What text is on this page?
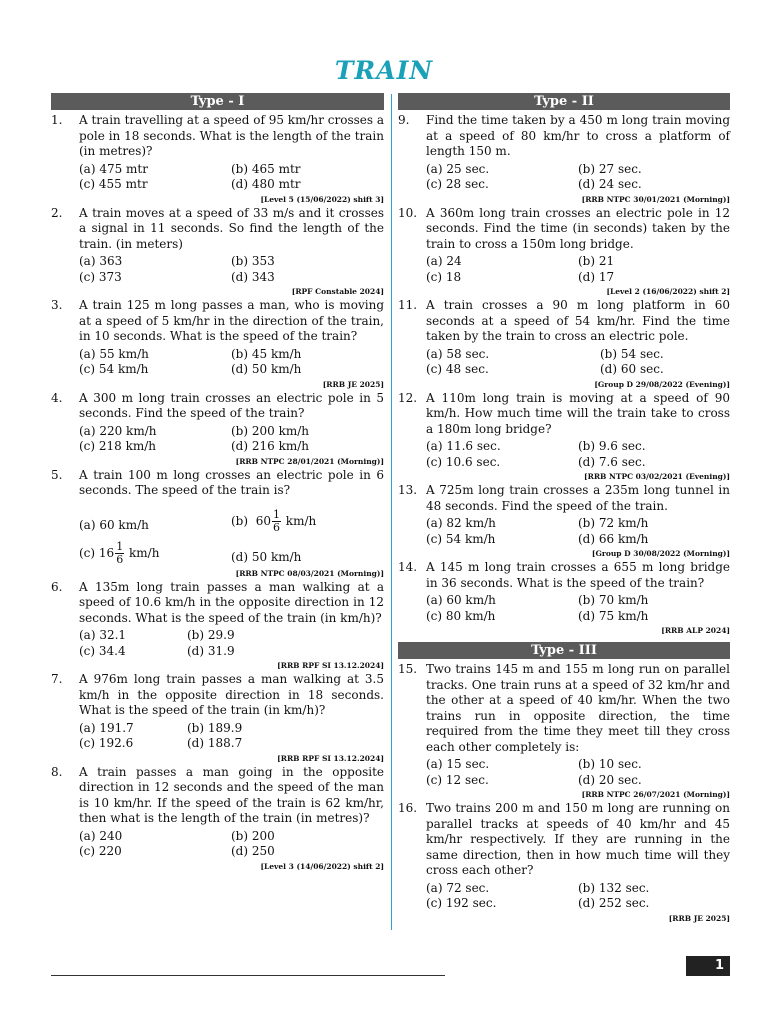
TRAIN
Type - I
1.	A train travelling at a speed of 95 km/hr crosses a pole in 18 seconds. What is the length of the train (in metres)?
(a) 475 mtr	(b) 465 mtr
(c) 455 mtr	(d) 480 mtr
[Level 5 (15/06/2022) shift 3]
2.	A train moves at a speed of 33 m/s and it crosses a signal in 11 seconds. So find the length of the train. (in meters)
(a) 363	(b) 353
(c) 373	(d) 343
[RPF Constable 2024]
3.	A train 125 m long passes a man, who is moving at a speed of 5 km/hr in the direction of the train, in 10 seconds. What is the speed of the train?
(a) 55 km/h	(b) 45 km/h
(c) 54 km/h	(d) 50 km/h
[RRB JE 2025]
4.	A 300 m long train crosses an electric pole in 5 seconds. Find the speed of the train?
(a) 220 km/h	(b) 200 km/h
(c) 218 km/h	(d) 216 km/h
[RRB NTPC 28/01/2021 (Morning)]
5.	A train 100 m long crosses an electric pole in 6 seconds. The speed of the train is?
(a) 60 km/h	(b) $60 \frac{1}{6} km/h$
(c) $16 \frac{1}{6} km/h$	(d) 50 km/h
[RRB NTPC 08/03/2021 (Morning)]
6.	A 135m long train passes a man walking at a speed of 10.6 km/h in the opposite direction in 12 seconds. What is the speed of the train (in km/h)?
(a) 32.1	(b) 29.9
(c) 34.4	(d) 31.9
[RRB RPF SI 13.12.2024]
7.	A 976m long train passes a man walking at 3.5 km/h in the opposite direction in 18 seconds. What is the speed of the train (in km/h)?
(a) 191.7	(b) 189.9
(c) 192.6	(d) 188.7
[RRB RPF SI 13.12.2024]
8.	A train passes a man going in the opposite direction in 12 seconds and the speed of the man is 10 km/hr. If the speed of the train is 62 km/hr, then what is the length of the train (in metres)?
(a) 240	(b) 200
(c) 220	(d) 250
[Level 3 (14/06/2022) shift 2]
Type - II
9.	Find the time taken by a 450 m long train moving at a speed of 80 km/hr to cross a platform of length 150 m.
(a) 25 sec.	(b) 27 sec.
(c) 28 sec.	(d) 24 sec.
[RRB NTPC 30/01/2021 (Morning)]
10. A 360m long train crosses an electric pole in 12 seconds. Find the time (in seconds) taken by the train to cross a 150m long bridge.
(a) 24	(b) 21
(c) 18	(d) 17
[Level 2 (16/06/2022) shift 2]
11. A train crosses a 90 m long platform in 60 seconds at a speed of 54 km/hr. Find the time taken by the train to cross an electric pole.
(a) 58 sec.	(b) 54 sec.
(c) 48 sec.	(d) 60 sec.
[Group D 29/08/2022 (Evening)]
12. A 110m long train is moving at a speed of 90 km/h. How much time will the train take to cross a 180m long bridge?
(a) 11.6 sec.	(b) 9.6 sec.
(c) 10.6 sec.	(d) 7.6 sec.
[RRB NTPC 03/02/2021 (Evening)]
13. A 725m long train crosses a 235m long tunnel in 48 seconds. Find the speed of the train.
(a) 82 km/h	(b) 72 km/h
(c) 54 km/h	(d) 66 km/h
[Group D 30/08/2022 (Morning)]
14. A 145 m long train crosses a 655 m long bridge in 36 seconds. What is the speed of the train?
(a) 60 km/h	(b) 70 km/h
(c) 80 km/h	(d) 75 km/h
[RRB ALP 2024]
Type - III
15. Two trains 145 m and 155 m long run on parallel tracks. One train runs at a speed of 32 km/hr and the other at a speed of 40 km/hr. When the two trains run in opposite direction, the time required from the time they meet till they cross each other completely is:
(a) 15 sec.	(b) 10 sec.
(c) 12 sec.	(d) 20 sec.
[RRB NTPC 26/07/2021 (Morning)]
16. Two trains 200 m and 150 m long are running on parallel tracks at speeds of 40 km/hr and 45 km/hr respectively. If they are running in the same direction, then in how much time will they cross each other?
(a) 72 sec.	(b) 132 sec.
(c) 192 sec.	(d) 252 sec.
[RRB JE 2025]
1
